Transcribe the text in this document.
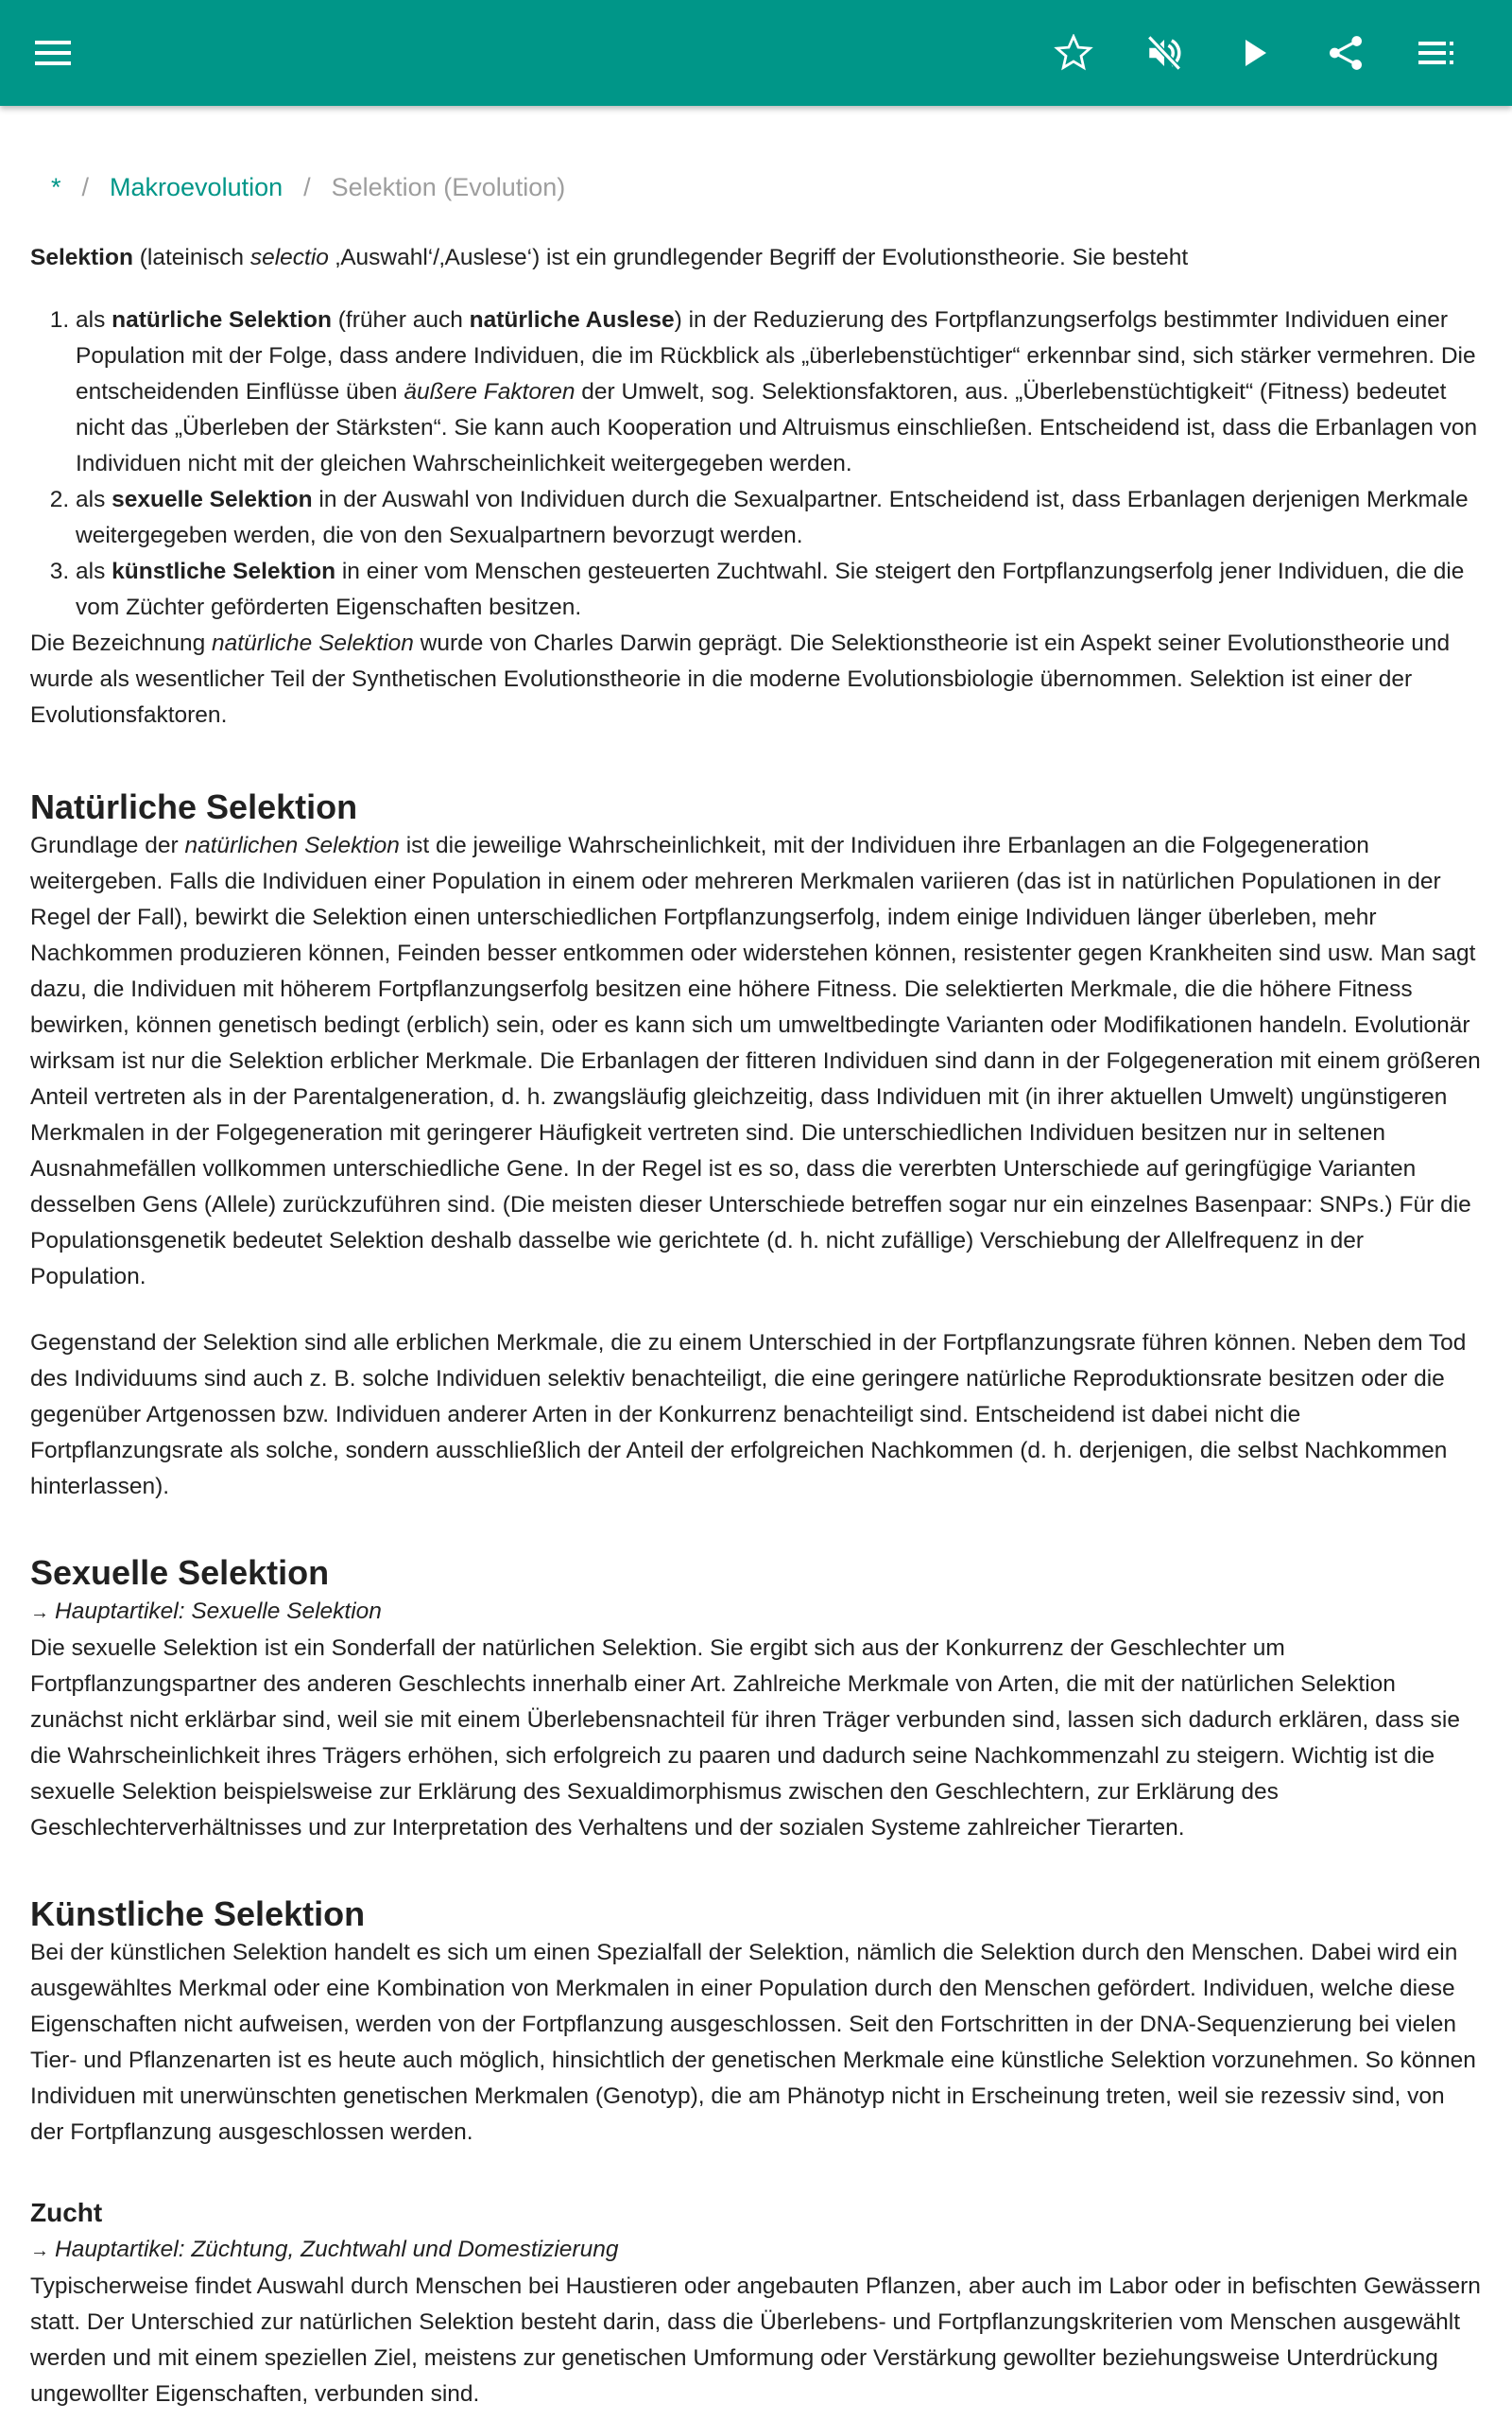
* / Makroevolution / Selektion (Evolution)

Selektion (lateinisch selectio ‚Auswahl‘/‚Auslese‘) ist ein grundlegender Begriff der Evolutionstheorie. Sie besteht

1. als natürliche Selektion (früher auch natürliche Auslese) in der Reduzierung des Fortpflanzungserfolgs bestimmter Individuen einer Population mit der Folge, dass andere Individuen, die im Rückblick als „überlebenstüchtiger“ erkennbar sind, sich stärker vermehren. Die entscheidenden Einflüsse üben äußere Faktoren der Umwelt, sog. Selektionsfaktoren, aus. „Überlebenstüchtigkeit“ (Fitness) bedeutet nicht das „Überleben der Stärksten“. Sie kann auch Kooperation und Altruismus einschließen. Entscheidend ist, dass die Erbanlagen von Individuen nicht mit der gleichen Wahrscheinlichkeit weitergegeben werden.
2. als sexuelle Selektion in der Auswahl von Individuen durch die Sexualpartner. Entscheidend ist, dass Erbanlagen derjenigen Merkmale weitergegeben werden, die von den Sexualpartnern bevorzugt werden.
3. als künstliche Selektion in einer vom Menschen gesteuerten Zuchtwahl. Sie steigert den Fortpflanzungserfolg jener Individuen, die die vom Züchter geförderten Eigenschaften besitzen.

Die Bezeichnung natürliche Selektion wurde von Charles Darwin geprägt. Die Selektionstheorie ist ein Aspekt seiner Evolutionstheorie und wurde als wesentlicher Teil der Synthetischen Evolutionstheorie in die moderne Evolutionsbiologie übernommen. Selektion ist einer der Evolutionsfaktoren.

Natürliche Selektion

Grundlage der natürlichen Selektion ist die jeweilige Wahrscheinlichkeit, mit der Individuen ihre Erbanlagen an die Folgegeneration weitergeben. Falls die Individuen einer Population in einem oder mehreren Merkmalen variieren (das ist in natürlichen Populationen in der Regel der Fall), bewirkt die Selektion einen unterschiedlichen Fortpflanzungserfolg, indem einige Individuen länger überleben, mehr Nachkommen produzieren können, Feinden besser entkommen oder widerstehen können, resistenter gegen Krankheiten sind usw. Man sagt dazu, die Individuen mit höherem Fortpflanzungserfolg besitzen eine höhere Fitness. Die selektierten Merkmale, die die höhere Fitness bewirken, können genetisch bedingt (erblich) sein, oder es kann sich um umweltbedingte Varianten oder Modifikationen handeln. Evolutionär wirksam ist nur die Selektion erblicher Merkmale. Die Erbanlagen der fitteren Individuen sind dann in der Folgegeneration mit einem größeren Anteil vertreten als in der Parentalgeneration, d. h. zwangsläufig gleichzeitig, dass Individuen mit (in ihrer aktuellen Umwelt) ungünstigeren Merkmalen in der Folgegeneration mit geringerer Häufigkeit vertreten sind. Die unterschiedlichen Individuen besitzen nur in seltenen Ausnahmefällen vollkommen unterschiedliche Gene. In der Regel ist es so, dass die vererbten Unterschiede auf geringfügige Varianten desselben Gens (Allele) zurückzuführen sind. (Die meisten dieser Unterschiede betreffen sogar nur ein einzelnes Basenpaar: SNPs.) Für die Populationsgenetik bedeutet Selektion deshalb dasselbe wie gerichtete (d. h. nicht zufällige) Verschiebung der Allelfrequenz in der Population.

Gegenstand der Selektion sind alle erblichen Merkmale, die zu einem Unterschied in der Fortpflanzungsrate führen können. Neben dem Tod des Individuums sind auch z. B. solche Individuen selektiv benachteiligt, die eine geringere natürliche Reproduktionsrate besitzen oder die gegenüber Artgenossen bzw. Individuen anderer Arten in der Konkurrenz benachteiligt sind. Entscheidend ist dabei nicht die Fortpflanzungsrate als solche, sondern ausschließlich der Anteil der erfolgreichen Nachkommen (d. h. derjenigen, die selbst Nachkommen hinterlassen).

Sexuelle Selektion
→ Hauptartikel: Sexuelle Selektion

Die sexuelle Selektion ist ein Sonderfall der natürlichen Selektion. Sie ergibt sich aus der Konkurrenz der Geschlechter um Fortpflanzungspartner des anderen Geschlechts innerhalb einer Art. Zahlreiche Merkmale von Arten, die mit der natürlichen Selektion zunächst nicht erklärbar sind, weil sie mit einem Überlebensnachteil für ihren Träger verbunden sind, lassen sich dadurch erklären, dass sie die Wahrscheinlichkeit ihres Trägers erhöhen, sich erfolgreich zu paaren und dadurch seine Nachkommenzahl zu steigern. Wichtig ist die sexuelle Selektion beispielsweise zur Erklärung des Sexualdimorphismus zwischen den Geschlechtern, zur Erklärung des Geschlechterverhältnisses und zur Interpretation des Verhaltens und der sozialen Systeme zahlreicher Tierarten.

Künstliche Selektion

Bei der künstlichen Selektion handelt es sich um einen Spezialfall der Selektion, nämlich die Selektion durch den Menschen. Dabei wird ein ausgewähltes Merkmal oder eine Kombination von Merkmalen in einer Population durch den Menschen gefördert. Individuen, welche diese Eigenschaften nicht aufweisen, werden von der Fortpflanzung ausgeschlossen. Seit den Fortschritten in der DNA-Sequenzierung bei vielen Tier- und Pflanzenarten ist es heute auch möglich, hinsichtlich der genetischen Merkmale eine künstliche Selektion vorzunehmen. So können Individuen mit unerwünschten genetischen Merkmalen (Genotyp), die am Phänotyp nicht in Erscheinung treten, weil sie rezessiv sind, von der Fortpflanzung ausgeschlossen werden.

Zucht
→ Hauptartikel: Züchtung, Zuchtwahl und Domestizierung

Typischerweise findet Auswahl durch Menschen bei Haustieren oder angebauten Pflanzen, aber auch im Labor oder in befischten Gewässern statt. Der Unterschied zur natürlichen Selektion besteht darin, dass die Überlebens- und Fortpflanzungskriterien vom Menschen ausgewählt werden und mit einem speziellen Ziel, meistens zur genetischen Umformung oder Verstärkung gewollter beziehungsweise Unterdrückung ungewollter Eigenschaften, verbunden sind.
